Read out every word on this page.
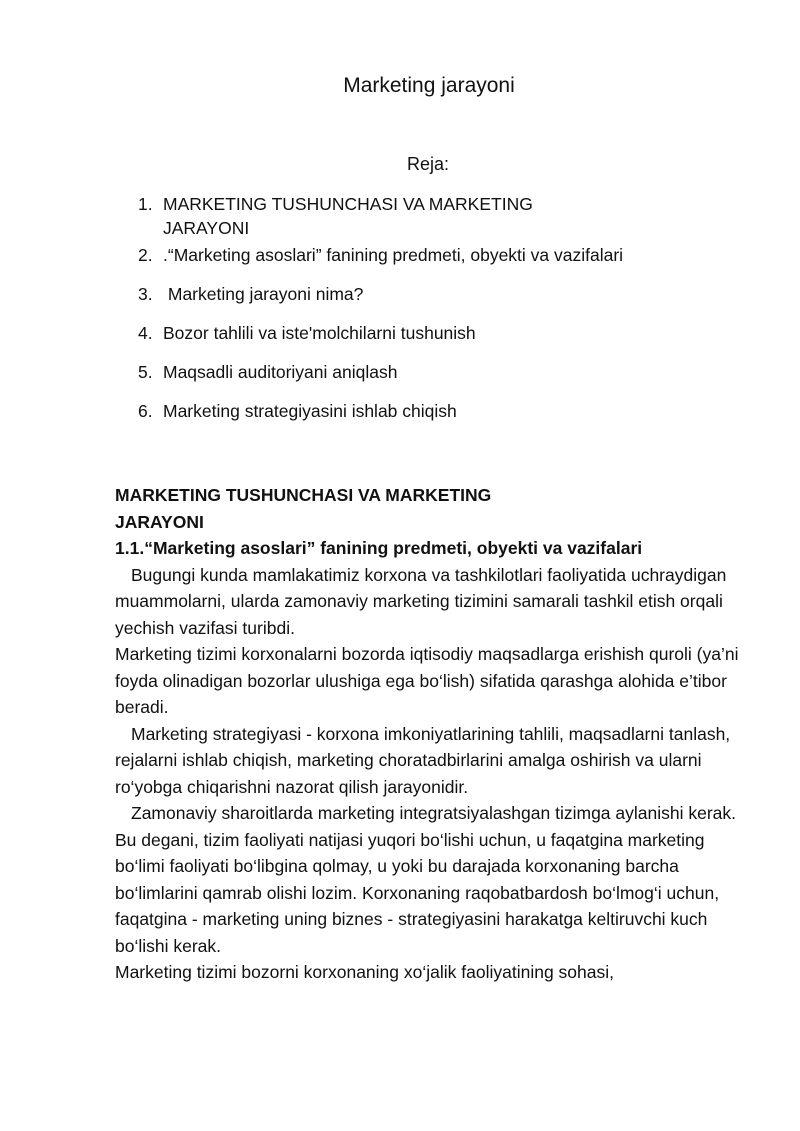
Marketing jarayoni
Reja:
1. MARKETING TUSHUNCHASI VA MARKETING JARAYONI
2. .“Marketing asoslari” fanining predmeti, obyekti va vazifalari
3. Marketing jarayoni nima?
4. Bozor tahlili va iste'molchilarni tushunish
5. Maqsadli auditoriyani aniqlash
6. Marketing strategiyasini ishlab chiqish
MARKETING TUSHUNCHASI VA MARKETING JARAYONI
1.1.“Marketing asoslari” fanining predmeti, obyekti va vazifalari

Bugungi kunda mamlakatimiz korxona va tashkilotlari faoliyatida uchraydigan muammolarni, ularda zamonaviy marketing tizimini samarali tashkil etish orqali yechish vazifasi turibdi.

Marketing tizimi korxonalarni bozorda iqtisodiy maqsadlarga erishish quroli (ya’ni foyda olinadigan bozorlar ulushiga ega bo‘lish) sifatida qarashga alohida e’tibor beradi.

Marketing strategiyasi - korxona imkoniyatlarining tahlili, maqsadlarni tanlash, rejalarni ishlab chiqish, marketing choratadbirlarini amalga oshirish va ularni ro‘yobga chiqarishni nazorat qilish jarayonidir.

Zamonaviy sharoitlarda marketing integratsiyalashgan tizimga aylanishi kerak. Bu degani, tizim faoliyati natijasi yuqori bo‘lishi uchun, u faqatgina marketing bo‘limi faoliyati bo‘libgina qolmay, u yoki bu darajada korxonaning barcha bo‘limlarini qamrab olishi lozim. Korxonaning raqobatbardosh bo‘lmog‘i uchun, faqatgina - marketing uning biznes - strategiyasini harakatga keltiruvchi kuch bo‘lishi kerak.

Marketing tizimi bozorni korxonaning xo‘jalik faoliyatining sohasi,
